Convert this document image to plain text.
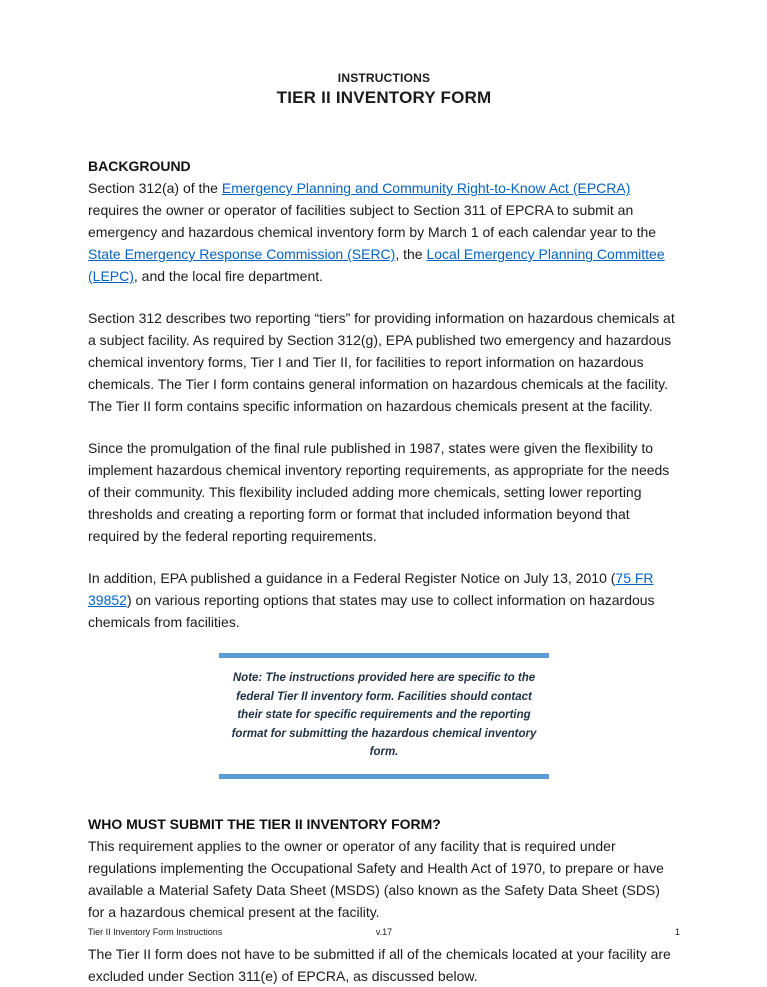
INSTRUCTIONS
TIER II INVENTORY FORM
BACKGROUND

Section 312(a) of the Emergency Planning and Community Right-to-Know Act (EPCRA) requires the owner or operator of facilities subject to Section 311 of EPCRA to submit an emergency and hazardous chemical inventory form by March 1 of each calendar year to the State Emergency Response Commission (SERC), the Local Emergency Planning Committee (LEPC), and the local fire department.

Section 312 describes two reporting “tiers” for providing information on hazardous chemicals at a subject facility. As required by Section 312(g), EPA published two emergency and hazardous chemical inventory forms, Tier I and Tier II, for facilities to report information on hazardous chemicals. The Tier I form contains general information on hazardous chemicals at the facility. The Tier II form contains specific information on hazardous chemicals present at the facility.

Since the promulgation of the final rule published in 1987, states were given the flexibility to implement hazardous chemical inventory reporting requirements, as appropriate for the needs of their community. This flexibility included adding more chemicals, setting lower reporting thresholds and creating a reporting form or format that included information beyond that required by the federal reporting requirements.

In addition, EPA published a guidance in a Federal Register Notice on July 13, 2010 (75 FR 39852) on various reporting options that states may use to collect information on hazardous chemicals from facilities.

Note: The instructions provided here are specific to the federal Tier II inventory form. Facilities should contact their state for specific requirements and the reporting format for submitting the hazardous chemical inventory form.

WHO MUST SUBMIT THE TIER II INVENTORY FORM?

This requirement applies to the owner or operator of any facility that is required under regulations implementing the Occupational Safety and Health Act of 1970, to prepare or have available a Material Safety Data Sheet (MSDS) (also known as the Safety Data Sheet (SDS) for a hazardous chemical present at the facility.

The Tier II form does not have to be submitted if all of the chemicals located at your facility are excluded under Section 311(e) of EPCRA, as discussed below.

Tier II Inventory Form Instructions	v.17	1
